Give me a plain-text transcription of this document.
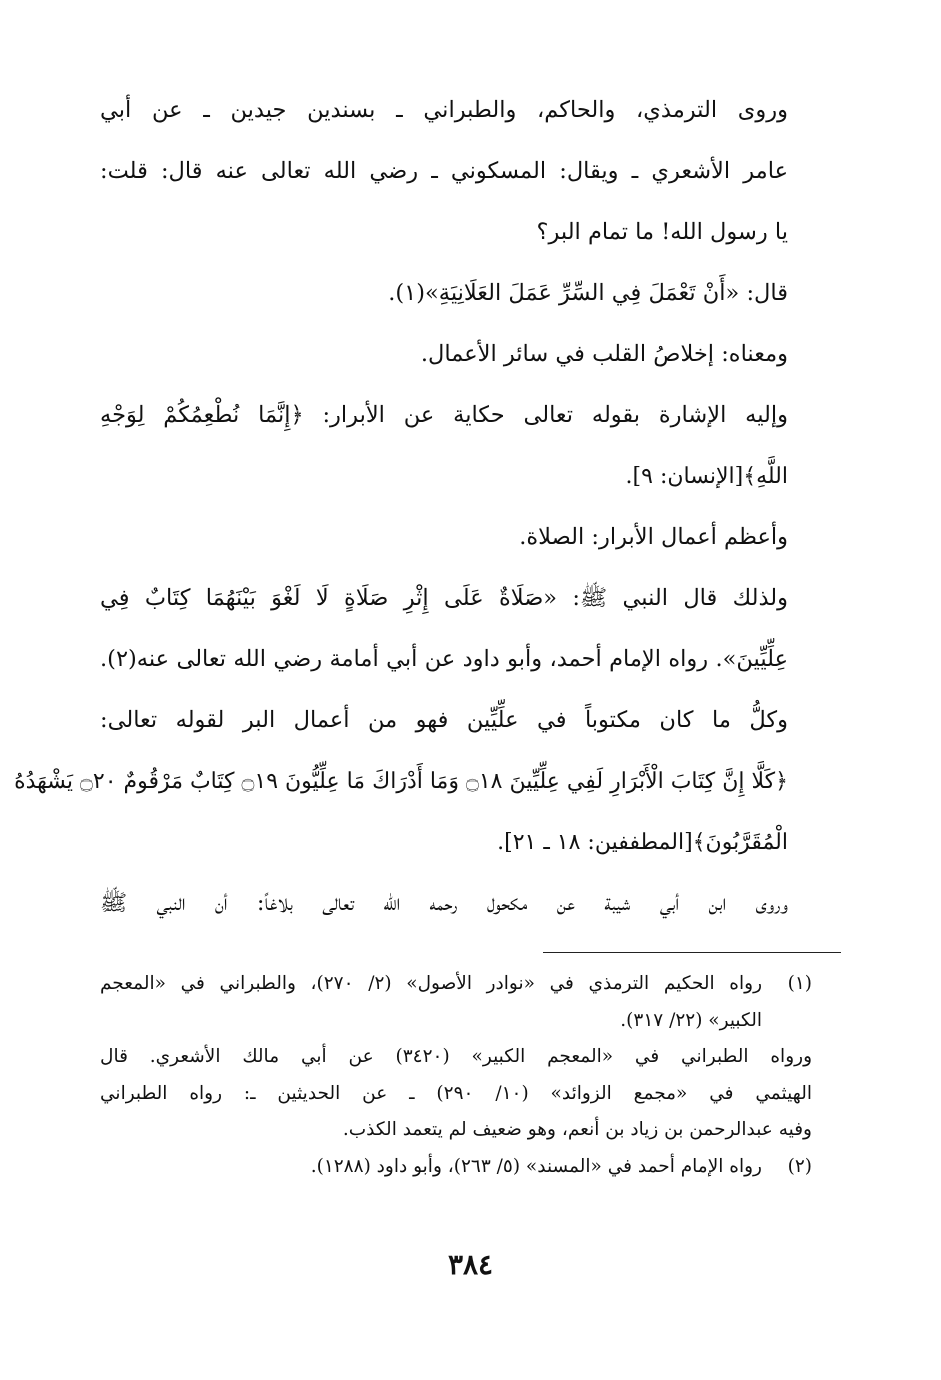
وروى الترمذي، والحاكم، والطبراني ـ بسندين جيدين ـ عن أبي
عامر الأشعري ـ ويقال: المسكوني ـ رضي الله تعالى عنه قال: قلت:
يا رسول الله! ما تمام البر؟

قال: «أَنْ تَعْمَلَ فِي السِّرِّ عَمَلَ العَلَانِيَةِ»(١).

ومعناه: إخلاصُ القلب في سائر الأعمال.

وإليه الإشارة بقوله تعالى حكاية عن الأبرار: ﴿إِنَّمَا نُطْعِمُكُمْ لِوَجْهِ
اللَّهِ﴾[الإنسان: ٩].

وأعظم أعمال الأبرار: الصلاة.

ولذلك قال النبي ﷺ: «صَلَاةٌ عَلَى إِثْرِ صَلَاةٍ لَا لَغْوَ بَيْنَهُمَا كِتَابٌ فِي
عِلِّيِّينَ». رواه الإمام أحمد، وأبو داود عن أبي أمامة رضي الله تعالى عنه(٢).

وكلُّ ما كان مكتوباً في علِّيِّين فهو من أعمال البر لقوله تعالى:
﴿كَلَّا إِنَّ كِتَابَ الْأَبْرَارِ لَفِي عِلِّيِّينَ ۝١٨ وَمَا أَدْرَاكَ مَا عِلِّيُّونَ ۝١٩ كِتَابٌ مَرْقُومٌ ۝٢٠ يَشْهَدُهُ
الْمُقَرَّبُونَ﴾[المطففين: ١٨ ـ ٢١].

وروى ابن أبي شيبة عن مكحول رحمه الله تعالى بلاغاً: أن النبي ﷺ

(١)
رواه الحكيم الترمذي في «نوادر الأصول» (٢/ ٢٧٠)، والطبراني في «المعجم
الكبير» (٢٢/ ٣١٧).
ورواه الطبراني في «المعجم الكبير» (٣٤٢٠) عن أبي مالك الأشعري. قال
الهيثمي في «مجمع الزوائد» (١٠/ ٢٩٠) ـ عن الحديثين ـ: رواه الطبراني
وفيه عبدالرحمن بن زياد بن أنعم، وهو ضعيف لم يتعمد الكذب.
(٢)
رواه الإمام أحمد في «المسند» (٥/ ٢٦٣)، وأبو داود (١٢٨٨).
٣٨٤
